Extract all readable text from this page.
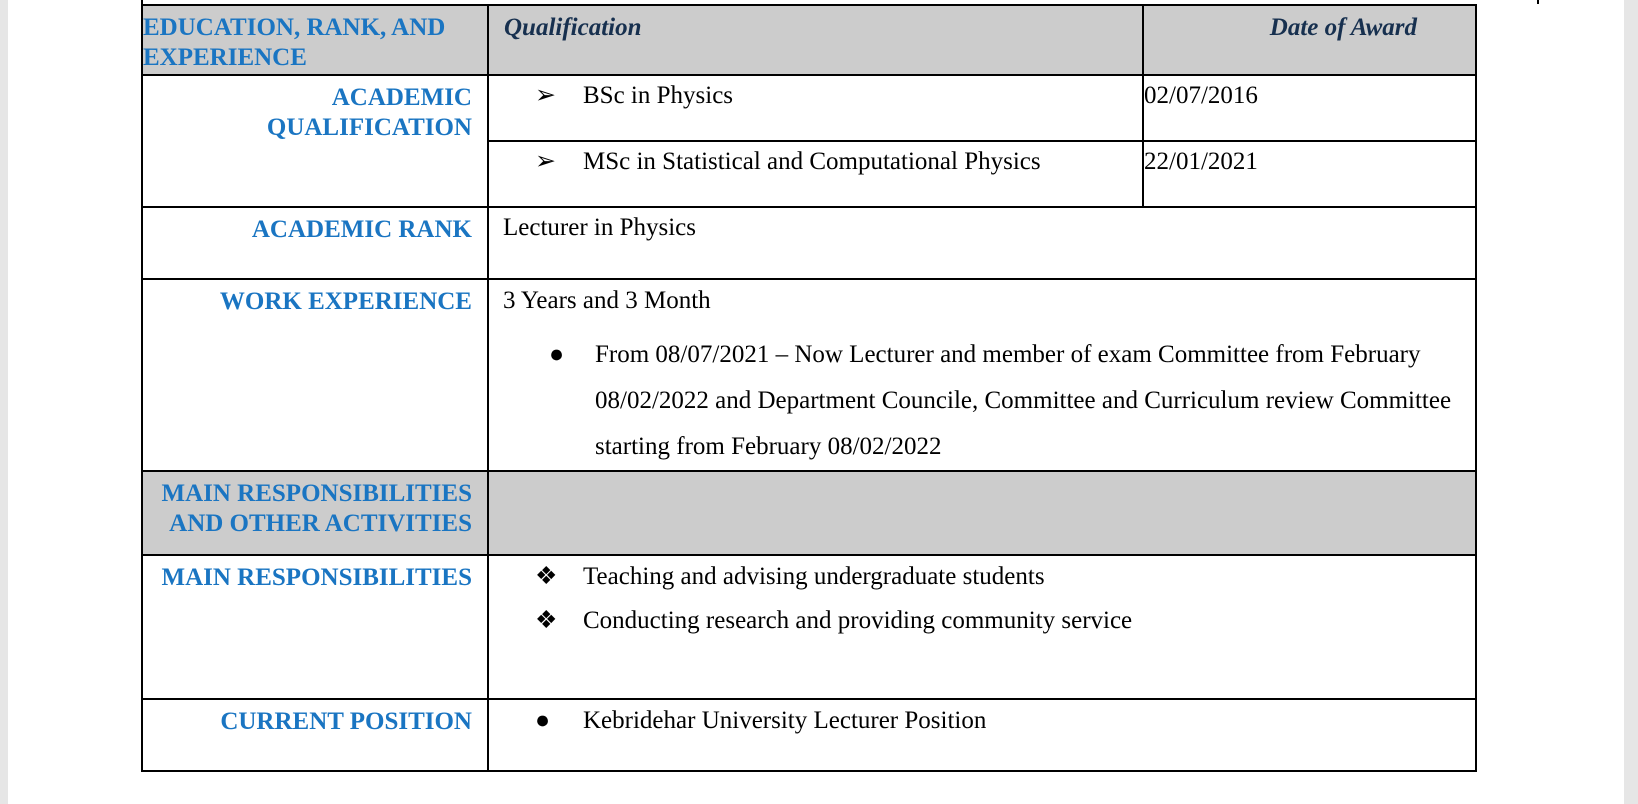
EDUCATION, RANK, AND EXPERIENCE	Qualification	Date of Award
ACADEMIC QUALIFICATION	➢ BSc in Physics	02/07/2016

	➢ MSc in Statistical and Computational Physics	22/01/2021
ACADEMIC RANK	Lecturer in Physics	
WORK EXPERIENCE	3 Years and 3 Month
● From 08/07/2021 – Now Lecturer and member of exam Committee from February 08/02/2022 and Department Councile, Committee and Curriculum review Committee starting from February 08/02/2022	

MAIN RESPONSIBILITIES AND OTHER ACTIVITIES		
MAIN RESPONSIBILITIES	❖ Teaching and advising undergraduate students
❖ Conducting research and providing community service	

CURRENT POSITION	● Kebridehar University Lecturer Position	
